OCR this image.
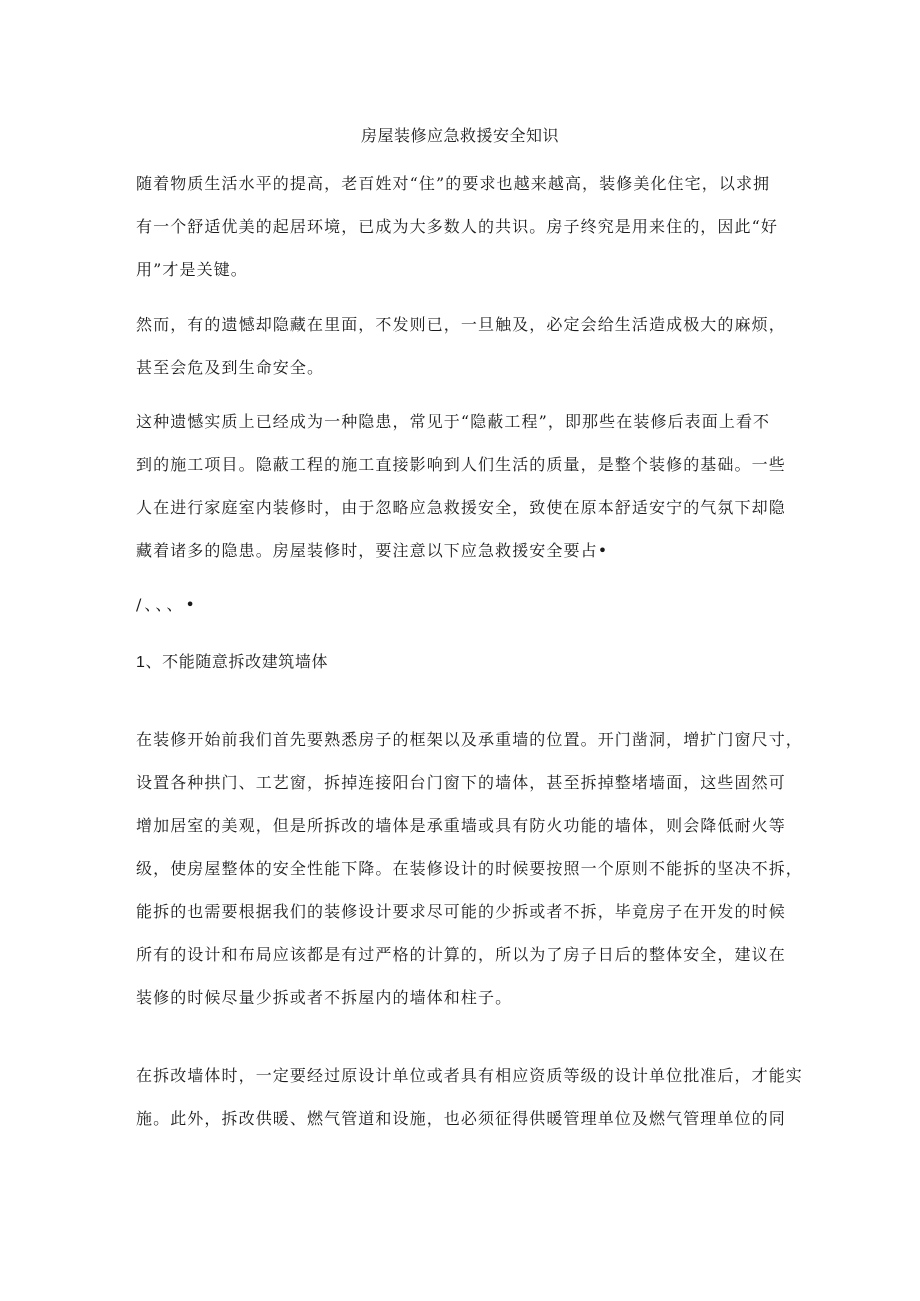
房屋装修应急救援安全知识
随着物质生活水平的提高，老百姓对“住”的要求也越来越高，装修美化住宅，以求拥
有一个舒适优美的起居环境，已成为大多数人的共识。房子终究是用来住的，因此“好
用”才是关键。
然而，有的遗憾却隐藏在里面，不发则已，一旦触及，必定会给生活造成极大的麻烦，
甚至会危及到生命安全。
这种遗憾实质上已经成为一种隐患，常见于“隐蔽工程”，即那些在装修后表面上看不
到的施工项目。隐蔽工程的施工直接影响到人们生活的质量，是整个装修的基础。一些
人在进行家庭室内装修时，由于忽略应急救援安全，致使在原本舒适安宁的气氛下却隐
藏着诸多的隐患。房屋装修时，要注意以下应急救援安全要占•
/、、、•
1、不能随意拆改建筑墙体
在装修开始前我们首先要熟悉房子的框架以及承重墙的位置。开门凿洞，增扩门窗尺寸，
设置各种拱门、工艺窗，拆掉连接阳台门窗下的墙体，甚至拆掉整堵墙面，这些固然可
增加居室的美观，但是所拆改的墙体是承重墙或具有防火功能的墙体，则会降低耐火等
级，使房屋整体的安全性能下降。在装修设计的时候要按照一个原则不能拆的坚决不拆，
能拆的也需要根据我们的装修设计要求尽可能的少拆或者不拆，毕竟房子在开发的时候
所有的设计和布局应该都是有过严格的计算的，所以为了房子日后的整体安全，建议在
装修的时候尽量少拆或者不拆屋内的墙体和柱子。
在拆改墙体时，一定要经过原设计单位或者具有相应资质等级的设计单位批准后，才能实
施。此外，拆改供暖、燃气管道和设施，也必须征得供暖管理单位及燃气管理单位的同
